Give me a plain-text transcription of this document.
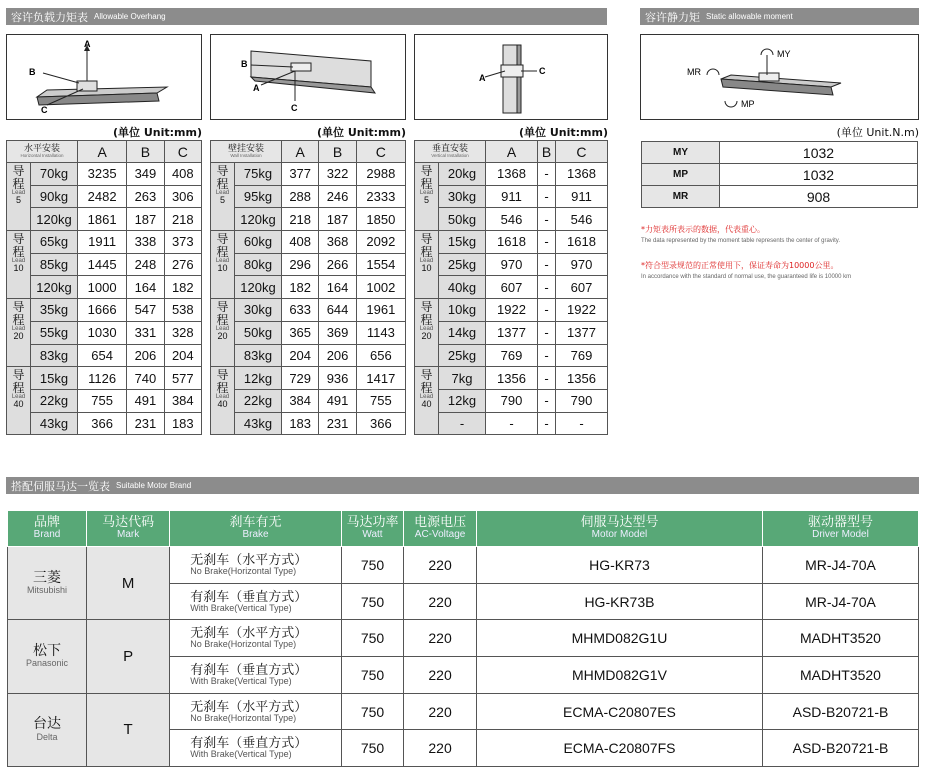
容许负载力矩表 Allowable Overhang	容许静力矩 Static allowable moment
A
B
C
B
A
C
A
C
MY
MR
MP
(单位 Unit:mm)	(单位 Unit:mm)	(单位 Unit:mm)	(单位 Unit.N.m)
水平安装
Horizontal Installation		A	B	C
导程
Lead
5	70kg	3235	349	408
	90kg	2482	263	306
	120kg	1861	187	218
导程
Lead
10	65kg	1911	338	373
	85kg	1445	248	276
	120kg	1000	164	182
导程
Lead
20	35kg	1666	547	538
	55kg	1030	331	328
	83kg	654	206	204
导程
Lead
40	15kg	1126	740	577
	22kg	755	491	384
	43kg	366	231	183
壁挂安装
Wall Installation		A	B	C
导程
Lead
5	75kg	377	322	2988
	95kg	288	246	2333
	120kg	218	187	1850
导程
Lead
10	60kg	408	368	2092
	80kg	296	266	1554
	120kg	182	164	1002
导程
Lead
20	30kg	633	644	1961
	50kg	365	369	1143
	83kg	204	206	656
导程
Lead
40	12kg	729	936	1417
	22kg	384	491	755
	43kg	183	231	366
垂直安装
Vertical Installation		A	B	C
导程
Lead
5	20kg	1368	-	1368
	30kg	911	-	911
	50kg	546	-	546
导程
Lead
10	15kg	1618	-	1618
	25kg	970	-	970
	40kg	607	-	607
导程
Lead
20	10kg	1922	-	1922
	14kg	1377	-	1377
	25kg	769	-	769
导程
Lead
40	7kg	1356	-	1356
	12kg	790	-	790
	-	-	-	-
MY	1032
MP	1032
MR	908
*力矩表所表示的数据，代表重心。
The data represented by the moment table represents the center of gravity.
*符合型录规范的正常使用下，保证寿命为10000公里。
In accordance with the standard of normal use, the guaranteed life is 10000 km
搭配伺服马达一览表 Suitable Motor Brand
品牌
Brand	马达代码
Mark	刹车有无
Brake	马达功率
Watt	电源电压
AC-Voltage	伺服马达型号
Motor Model	驱动器型号
Driver Model

三菱
Mitsubishi	M	无刹车（水平方式）
No Brake(Horizontal Type)	750	220	HG-KR73	MR-J4-70A
		有刹车（垂直方式）
With Brake(Vertical Type)	750	220	HG-KR73B	MR-J4-70A
松下
Panasonic	P	无刹车（水平方式）
No Brake(Horizontal Type)	750	220	MHMD082G1U	MADHT3520
		有刹车（垂直方式）
With Brake(Vertical Type)	750	220	MHMD082G1V	MADHT3520
台达
Delta	T	无刹车（水平方式）
No Brake(Horizontal Type)	750	220	ECMA-C20807ES	ASD-B20721-B
		有刹车（垂直方式）
With Brake(Vertical Type)	750	220	ECMA-C20807FS	ASD-B20721-B
